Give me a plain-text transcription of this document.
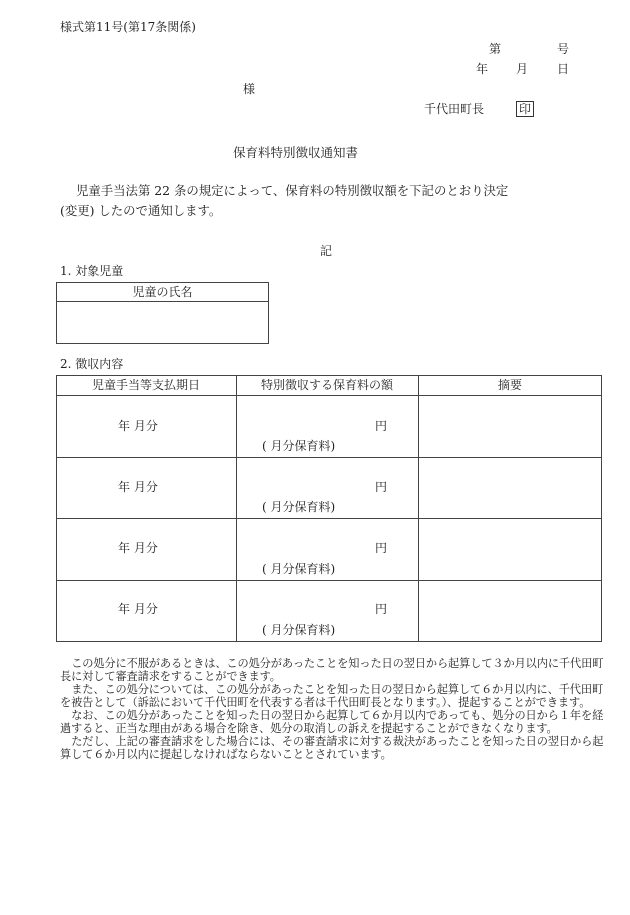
様式第11号(第17条関係)
第	号
年 月 日
様
千代田町長	印
保育料特別徴収通知書
児童手当法第 22 条の規定によって、保育料の特別徴収額を下記のとおり決定
(変更) したので通知します。
記
1. 対象児童
児童の氏名
2. 徴収内容
児童手当等支払期日	特別徴収する保育料の額	摘要
年 月分	円
( 月分保育料)
年 月分	円
( 月分保育料)
年 月分	円
( 月分保育料)
年 月分	円
( 月分保育料)

この処分に不服があるときは、この処分があったことを知った日の翌日から起算して３か月以内に千代田町長に対して審査請求をすることができます。

また、この処分については、この処分があったことを知った日の翌日から起算して６か月以内に、千代田町を被告として（訴訟において千代田町を代表する者は千代田町長となります。）、提起することができます。

なお、この処分があったことを知った日の翌日から起算して６か月以内であっても、処分の日から１年を経過すると、正当な理由がある場合を除き、処分の取消しの訴えを提起することができなくなります。

ただし、上記の審査請求をした場合には、その審査請求に対する裁決があったことを知った日の翌日から起算して６か月以内に提起しなければならないこととされています。
